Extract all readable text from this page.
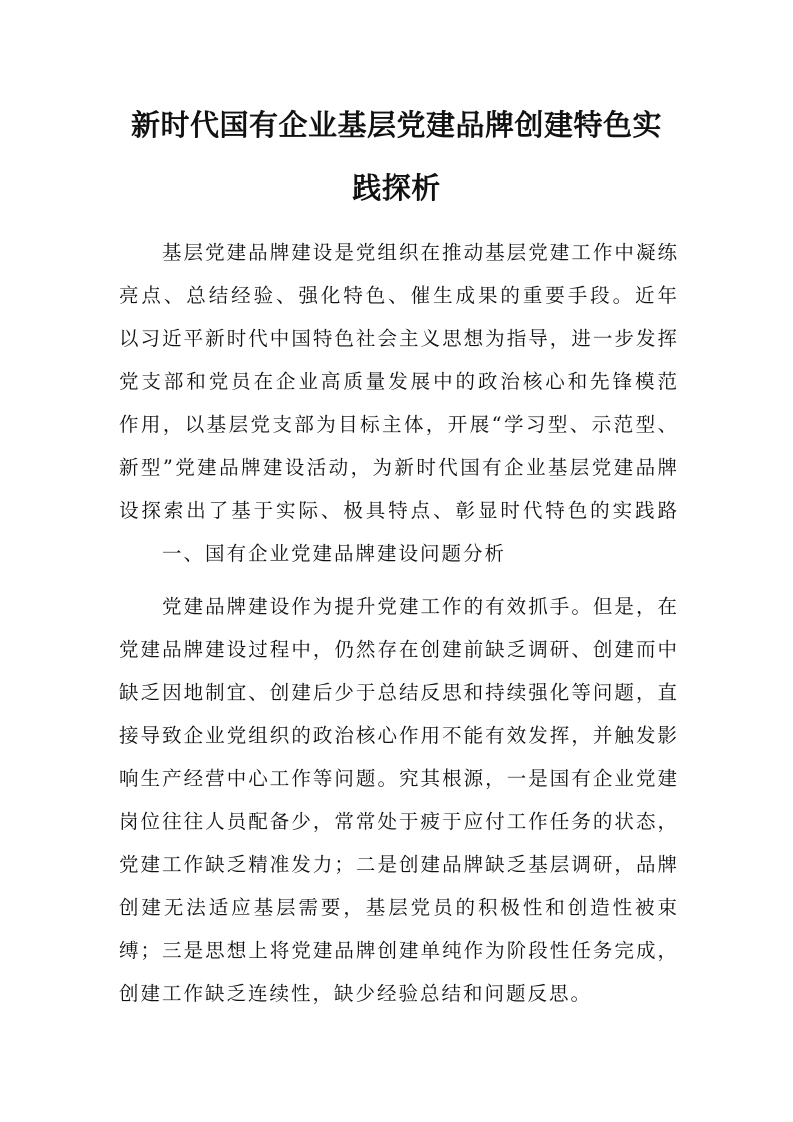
新时代国有企业基层党建品牌创建特色实
践探析
基层党建品牌建设是党组织在推动基层党建工作中凝练
亮点、总结经验、强化特色、催生成果的重要手段。近年
以习近平新时代中国特色社会主义思想为指导，进一步发挥
党支部和党员在企业高质量发展中的政治核心和先锋模范
作用，以基层党支部为目标主体，开展“学习型、示范型、
新型”党建品牌建设活动，为新时代国有企业基层党建品牌
设探索出了基于实际、极具特点、彰显时代特色的实践路
一、国有企业党建品牌建设问题分析
党建品牌建设作为提升党建工作的有效抓手。但是，在
党建品牌建设过程中，仍然存在创建前缺乏调研、创建而中
缺乏因地制宜、创建后少于总结反思和持续强化等问题，直
接导致企业党组织的政治核心作用不能有效发挥，并触发影
响生产经营中心工作等问题。究其根源，一是国有企业党建
岗位往往人员配备少，常常处于疲于应付工作任务的状态，
党建工作缺乏精准发力；二是创建品牌缺乏基层调研，品牌
创建无法适应基层需要，基层党员的积极性和创造性被束
缚；三是思想上将党建品牌创建单纯作为阶段性任务完成，
创建工作缺乏连续性，缺少经验总结和问题反思。
